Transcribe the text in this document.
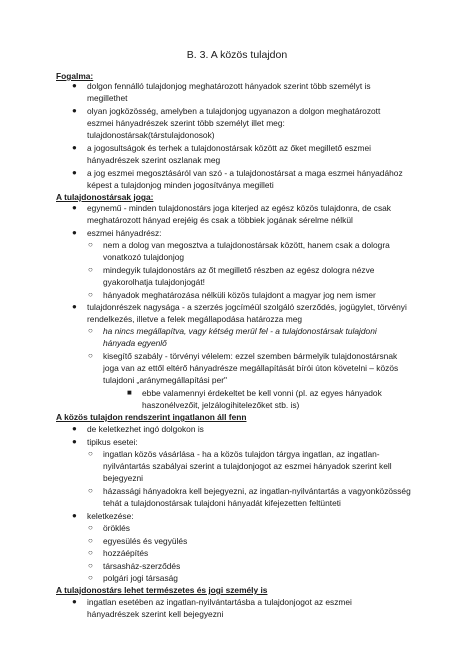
B. 3. A közös tulajdon
Fogalma:
● dolgon fennálló tulajdonjog meghatározott hányadok szerint több személyt is
megillethet
● olyan jogközösség, amelyben a tulajdonjog ugyanazon a dolgon meghatározott
eszmei hányadrészek szerint több személyt illet meg:
tulajdonostársak(társtulajdonosok)
● a jogosultságok és terhek a tulajdonostársak között az őket megillető eszmei
hányadrészek szerint oszlanak meg
● a jog eszmei megosztásáról van szó - a tulajdonostársat a maga eszmei hányadához
képest a tulajdonjog minden jogosítványa megilleti
A tulajdonostársak joga:
● egynemű - minden tulajdonostárs joga kiterjed az egész közös tulajdonra, de csak
meghatározott hányad erejéig és csak a többiek jogának sérelme nélkül
● eszmei hányadrész:
○ nem a dolog van megosztva a tulajdonostársak között, hanem csak a dologra
vonatkozó tulajdonjog
○ mindegyik tulajdonostárs az őt megillető részben az egész dologra nézve
gyakorolhatja tulajdonjogát!
○ hányadok meghatározása nélküli közös tulajdont a magyar jog nem ismer
● tulajdonrészek nagysága - a szerzés jogcíméül szolgáló szerződés, jogügylet, törvényi
rendelkezés, illetve a felek megállapodása határozza meg
○ ha nincs megállapítva, vagy kétség merül fel - a tulajdonostársak tulajdoni
hányada egyenlő
○ kisegítő szabály - törvényi vélelem: ezzel szemben bármelyik tulajdonostársnak
joga van az ettől eltérő hányadrésze megállapítását bírói úton követelni – közös
tulajdoni „aránymegállapítási per"
■ ebbe valamennyi érdekeltet be kell vonni (pl. az egyes hányadok
haszonélvezőit, jelzálogihitelezőket stb. is)
A közös tulajdon rendszerint ingatlanon áll fenn
● de keletkezhet ingó dolgokon is
● tipikus esetei:
○ ingatlan közös vásárlása - ha a közös tulajdon tárgya ingatlan, az ingatlan-
nyilvántartás szabályai szerint a tulajdonjogot az eszmei hányadok szerint kell
bejegyezni
○ házassági hányadokra kell bejegyezni, az ingatlan-nyilvántartás a vagyonközösség
tehát a tulajdonostársak tulajdoni hányadát kifejezetten feltünteti
● keletkezése:
○ öröklés
○ egyesülés és vegyülés
○ hozzáépítés
○ társasház-szerződés
○ polgári jogi társaság
A tulajdonostárs lehet természetes és jogi személy is
● ingatlan esetében az ingatlan-nyilvántartásba a tulajdonjogot az eszmei
hányadrészek szerint kell bejegyezni
